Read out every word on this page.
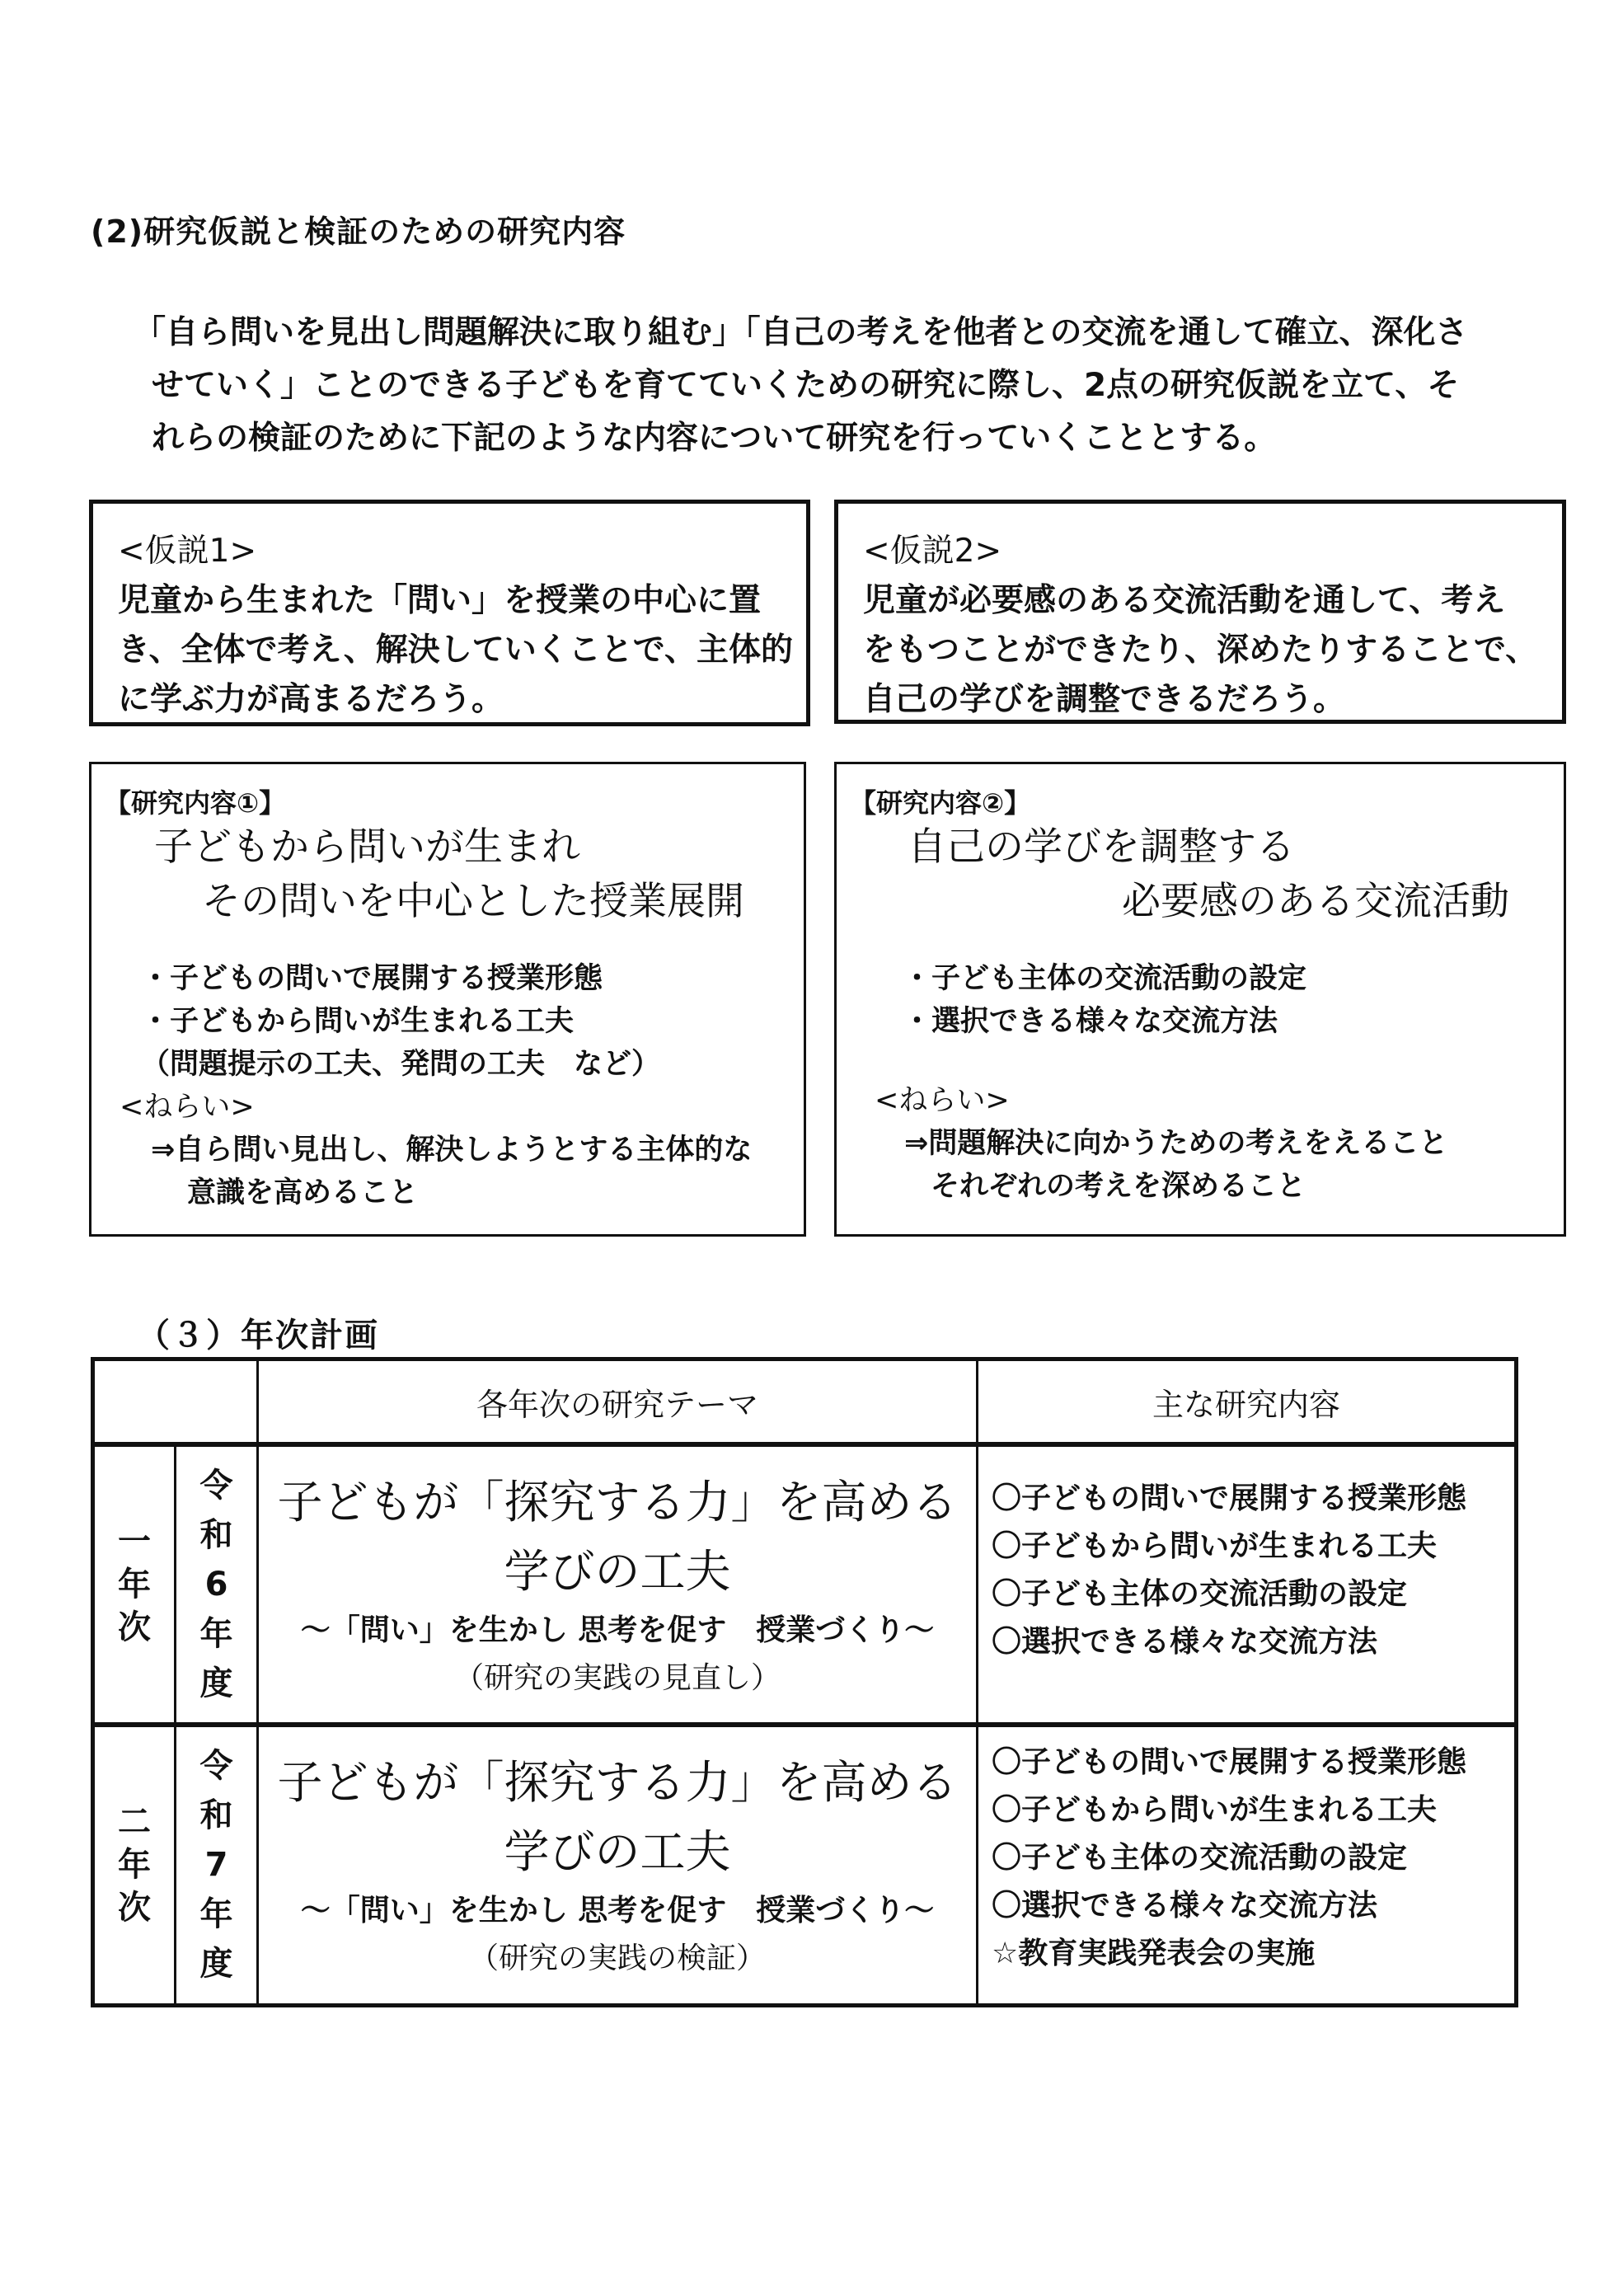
(2)研究仮説と検証のための研究内容
「自ら問いを見出し問題解決に取り組む」「自己の考えを他者との交流を通して確立、深化さ
せていく」ことのできる子どもを育てていくための研究に際し、2点の研究仮説を立て、そ
れらの検証のために下記のような内容について研究を行っていくこととする。
<仮説1>
児童から生まれた「問い」を授業の中心に置
き、全体で考え、解決していくことで、主体的
に学ぶ力が高まるだろう。
<仮説2>
児童が必要感のある交流活動を通して、考え
をもつことができたり、深めたりすることで、
自己の学びを調整できるだろう。
【研究内容①】
子どもから問いが生まれ
その問いを中心とした授業展開
・子どもの問いで展開する授業形態
・子どもから問いが生まれる工夫
（問題提示の工夫、発問の工夫　など）
<ねらい>
⇒自ら問い見出し、解決しようとする主体的な
意識を高めること
【研究内容②】
自己の学びを調整する
必要感のある交流活動
・子ども主体の交流活動の設定
・選択できる様々な交流方法
<ねらい>
⇒問題解決に向かうための考えをえること
それぞれの考えを深めること
（３）年次計画
		各年次の研究テーマ	主な研究内容

一
年
次	令
和
6
年
度	子どもが「探究する力」を高める
学びの工夫
～「問い」を生かし 思考を促す　授業づくり～
（研究の実践の見直し）	〇子どもの問いで展開する授業形態
〇子どもから問いが生まれる工夫
〇子ども主体の交流活動の設定
〇選択できる様々な交流方法

二
年
次	令
和
7
年
度	子どもが「探究する力」を高める
学びの工夫
～「問い」を生かし 思考を促す　授業づくり～
（研究の実践の検証）	〇子どもの問いで展開する授業形態
〇子どもから問いが生まれる工夫
〇子ども主体の交流活動の設定
〇選択できる様々な交流方法
☆教育実践発表会の実施
